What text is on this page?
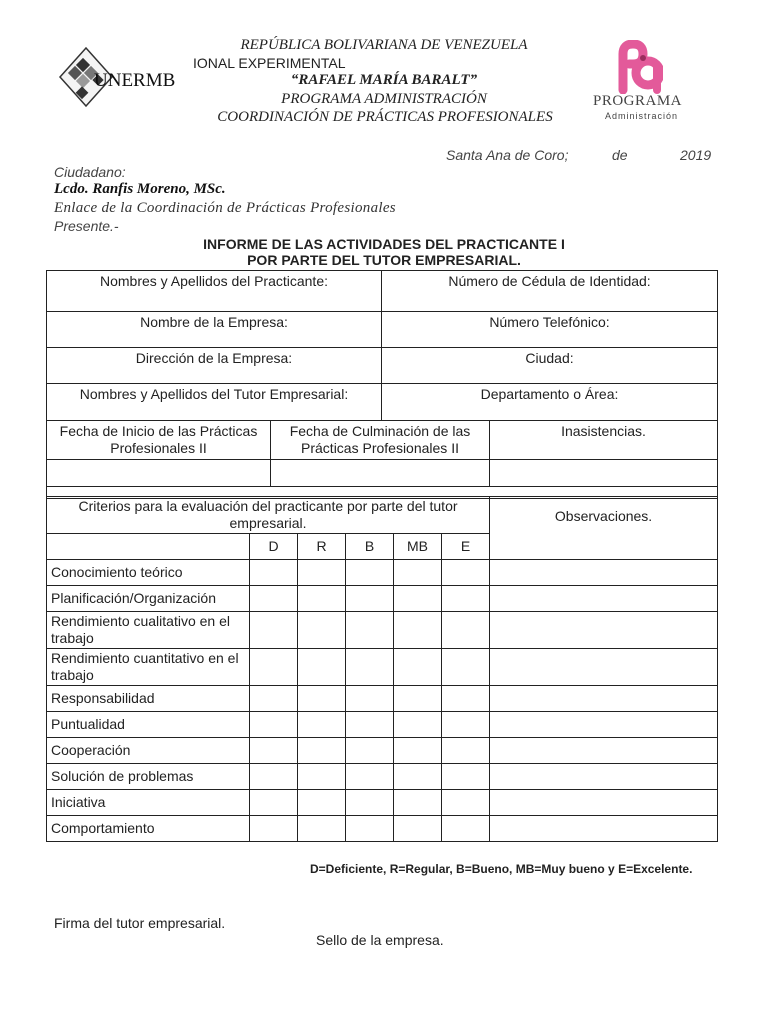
UNERMB
REPÚBLICA BOLIVARIANA DE VENEZUELA
IONAL EXPERIMENTAL
“RAFAEL MARÍA BARALT”
PROGRAMA ADMINISTRACIÓN
COORDINACIÓN DE PRÁCTICAS PROFESIONALES
PROGRAMA
Administración
Santa Ana de Coro;	de	2019
Ciudadano:
Lcdo. Ranfis Moreno, MSc.
Enlace de la Coordinación de Prácticas Profesionales
Presente.-
INFORME DE LAS ACTIVIDADES DEL PRACTICANTE I
POR PARTE DEL TUTOR EMPRESARIAL.
Nombres y Apellidos del Practicante:		Número de Cédula de Identidad:	
Nombre de la Empresa:		Número Telefónico:	
Dirección de la Empresa:		Ciudad:	
Nombres y Apellidos del Tutor Empresarial:		Departamento o Área:	
Fecha de Inicio de las Prácticas Profesionales II	Fecha de Culminación de las Prácticas Profesionales II		Inasistencias.

Criterios para la evaluación del practicante por parte del tutor empresarial.						Observaciones.
	D	R	B	MB	E	
Conocimiento teórico						
Planificación/Organización						
Rendimiento cualitativo en el trabajo						
Rendimiento cuantitativo en el trabajo						
Responsabilidad						
Puntualidad						
Cooperación						
Solución de problemas						
Iniciativa						
Comportamiento						
D=Deficiente, R=Regular, B=Bueno, MB=Muy bueno y E=Excelente.
Firma del tutor empresarial.
Sello de la empresa.
